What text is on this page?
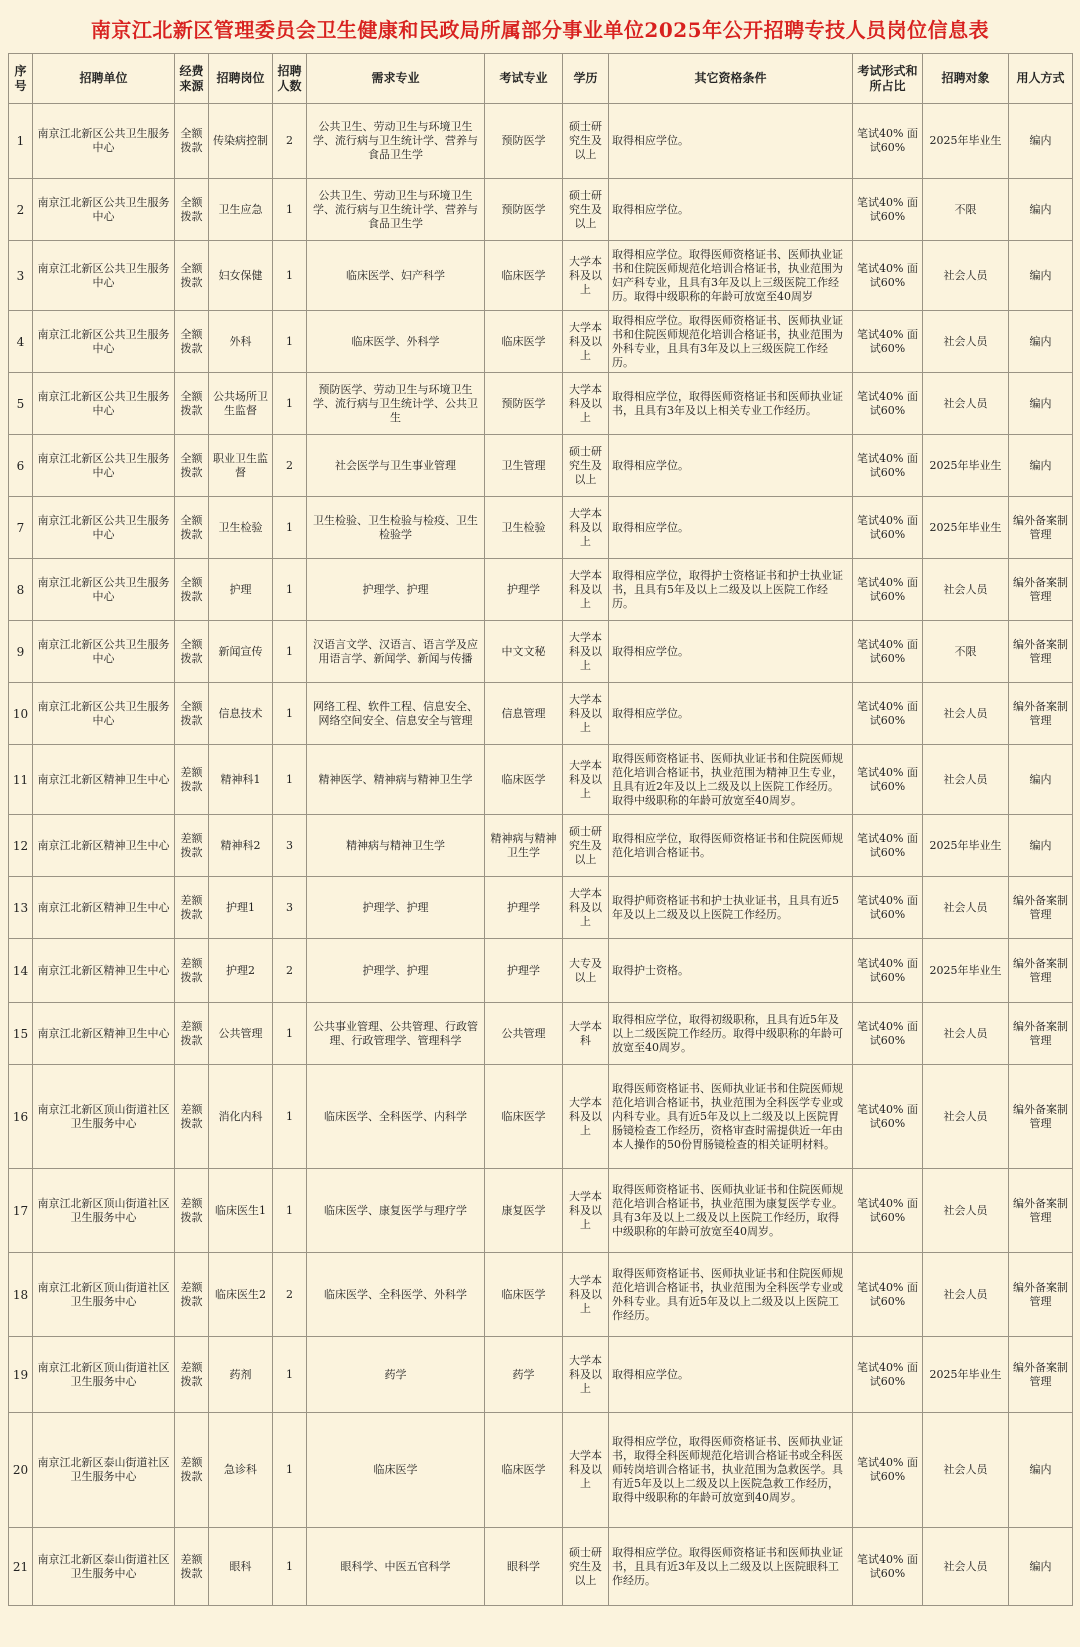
南京江北新区管理委员会卫生健康和民政局所属部分事业单位2025年公开招聘专技人员岗位信息表
序号	招聘单位	经费来源	招聘岗位	招聘人数	需求专业	考试专业	学历	其它资格条件	考试形式和所占比	招聘对象	用人方式
1	南京江北新区公共卫生服务中心	全额拨款	传染病控制	2	公共卫生、劳动卫生与环境卫生学、流行病与卫生统计学、营养与食品卫生学	预防医学	硕士研究生及以上	取得相应学位。	笔试40% 面试60%	2025年毕业生	编内
2	南京江北新区公共卫生服务中心	全额拨款	卫生应急	1	公共卫生、劳动卫生与环境卫生学、流行病与卫生统计学、营养与食品卫生学	预防医学	硕士研究生及以上	取得相应学位。	笔试40% 面试60%	不限	编内
3	南京江北新区公共卫生服务中心	全额拨款	妇女保健	1	临床医学、妇产科学	临床医学	大学本科及以上	取得相应学位。取得医师资格证书、医师执业证书和住院医师规范化培训合格证书，执业范围为妇产科专业，且具有3年及以上三级医院工作经历。取得中级职称的年龄可放宽至40周岁	笔试40% 面试60%	社会人员	编内
4	南京江北新区公共卫生服务中心	全额拨款	外科	1	临床医学、外科学	临床医学	大学本科及以上	取得相应学位。取得医师资格证书、医师执业证书和住院医师规范化培训合格证书，执业范围为外科专业，且具有3年及以上三级医院工作经历。	笔试40% 面试60%	社会人员	编内
5	南京江北新区公共卫生服务中心	全额拨款	公共场所卫生监督	1	预防医学、劳动卫生与环境卫生学、流行病与卫生统计学、公共卫生	预防医学	大学本科及以上	取得相应学位，取得医师资格证书和医师执业证书，且具有3年及以上相关专业工作经历。	笔试40% 面试60%	社会人员	编内
6	南京江北新区公共卫生服务中心	全额拨款	职业卫生监督	2	社会医学与卫生事业管理	卫生管理	硕士研究生及以上	取得相应学位。	笔试40% 面试60%	2025年毕业生	编内
7	南京江北新区公共卫生服务中心	全额拨款	卫生检验	1	卫生检验、卫生检验与检疫、卫生检验学	卫生检验	大学本科及以上	取得相应学位。	笔试40% 面试60%	2025年毕业生	编外备案制管理
8	南京江北新区公共卫生服务中心	全额拨款	护理	1	护理学、护理	护理学	大学本科及以上	取得相应学位，取得护士资格证书和护士执业证书，且具有5年及以上二级及以上医院工作经历。	笔试40% 面试60%	社会人员	编外备案制管理
9	南京江北新区公共卫生服务中心	全额拨款	新闻宣传	1	汉语言文学、汉语言、语言学及应用语言学、新闻学、新闻与传播	中文文秘	大学本科及以上	取得相应学位。	笔试40% 面试60%	不限	编外备案制管理
10	南京江北新区公共卫生服务中心	全额拨款	信息技术	1	网络工程、软件工程、信息安全、网络空间安全、信息安全与管理	信息管理	大学本科及以上	取得相应学位。	笔试40% 面试60%	社会人员	编外备案制管理
11	南京江北新区精神卫生中心	差额拨款	精神科1	1	精神医学、精神病与精神卫生学	临床医学	大学本科及以上	取得医师资格证书、医师执业证书和住院医师规范化培训合格证书，执业范围为精神卫生专业，且具有近2年及以上二级及以上医院工作经历。取得中级职称的年龄可放宽至40周岁。	笔试40% 面试60%	社会人员	编内
12	南京江北新区精神卫生中心	差额拨款	精神科2	3	精神病与精神卫生学	精神病与精神卫生学	硕士研究生及以上	取得相应学位，取得医师资格证书和住院医师规范化培训合格证书。	笔试40% 面试60%	2025年毕业生	编内
13	南京江北新区精神卫生中心	差额拨款	护理1	3	护理学、护理	护理学	大学本科及以上	取得护师资格证书和护士执业证书，且具有近5年及以上二级及以上医院工作经历。	笔试40% 面试60%	社会人员	编外备案制管理
14	南京江北新区精神卫生中心	差额拨款	护理2	2	护理学、护理	护理学	大专及以上	取得护士资格。	笔试40% 面试60%	2025年毕业生	编外备案制管理
15	南京江北新区精神卫生中心	差额拨款	公共管理	1	公共事业管理、公共管理、行政管理、行政管理学、管理科学	公共管理	大学本科	取得相应学位，取得初级职称，且具有近5年及以上二级医院工作经历。取得中级职称的年龄可放宽至40周岁。	笔试40% 面试60%	社会人员	编外备案制管理
16	南京江北新区顶山街道社区卫生服务中心	差额拨款	消化内科	1	临床医学、全科医学、内科学	临床医学	大学本科及以上	取得医师资格证书、医师执业证书和住院医师规范化培训合格证书，执业范围为全科医学专业或内科专业。具有近5年及以上二级及以上医院胃肠镜检查工作经历，资格审查时需提供近一年由本人操作的50份胃肠镜检查的相关证明材料。	笔试40% 面试60%	社会人员	编外备案制管理
17	南京江北新区顶山街道社区卫生服务中心	差额拨款	临床医生1	1	临床医学、康复医学与理疗学	康复医学	大学本科及以上	取得医师资格证书、医师执业证书和住院医师规范化培训合格证书，执业范围为康复医学专业。具有3年及以上二级及以上医院工作经历，取得中级职称的年龄可放宽至40周岁。	笔试40% 面试60%	社会人员	编外备案制管理
18	南京江北新区顶山街道社区卫生服务中心	差额拨款	临床医生2	2	临床医学、全科医学、外科学	临床医学	大学本科及以上	取得医师资格证书、医师执业证书和住院医师规范化培训合格证书，执业范围为全科医学专业或外科专业。具有近5年及以上二级及以上医院工作经历。	笔试40% 面试60%	社会人员	编外备案制管理
19	南京江北新区顶山街道社区卫生服务中心	差额拨款	药剂	1	药学	药学	大学本科及以上	取得相应学位。	笔试40% 面试60%	2025年毕业生	编外备案制管理
20	南京江北新区泰山街道社区卫生服务中心	差额拨款	急诊科	1	临床医学	临床医学	大学本科及以上	取得相应学位，取得医师资格证书、医师执业证书，取得全科医师规范化培训合格证书或全科医师转岗培训合格证书，执业范围为急救医学。具有近5年及以上二级及以上医院急救工作经历，取得中级职称的年龄可放宽到40周岁。	笔试40% 面试60%	社会人员	编内
21	南京江北新区泰山街道社区卫生服务中心	差额拨款	眼科	1	眼科学、中医五官科学	眼科学	硕士研究生及以上	取得相应学位。取得医师资格证书和医师执业证书，且具有近3年及以上二级及以上医院眼科工作经历。	笔试40% 面试60%	社会人员	编内
